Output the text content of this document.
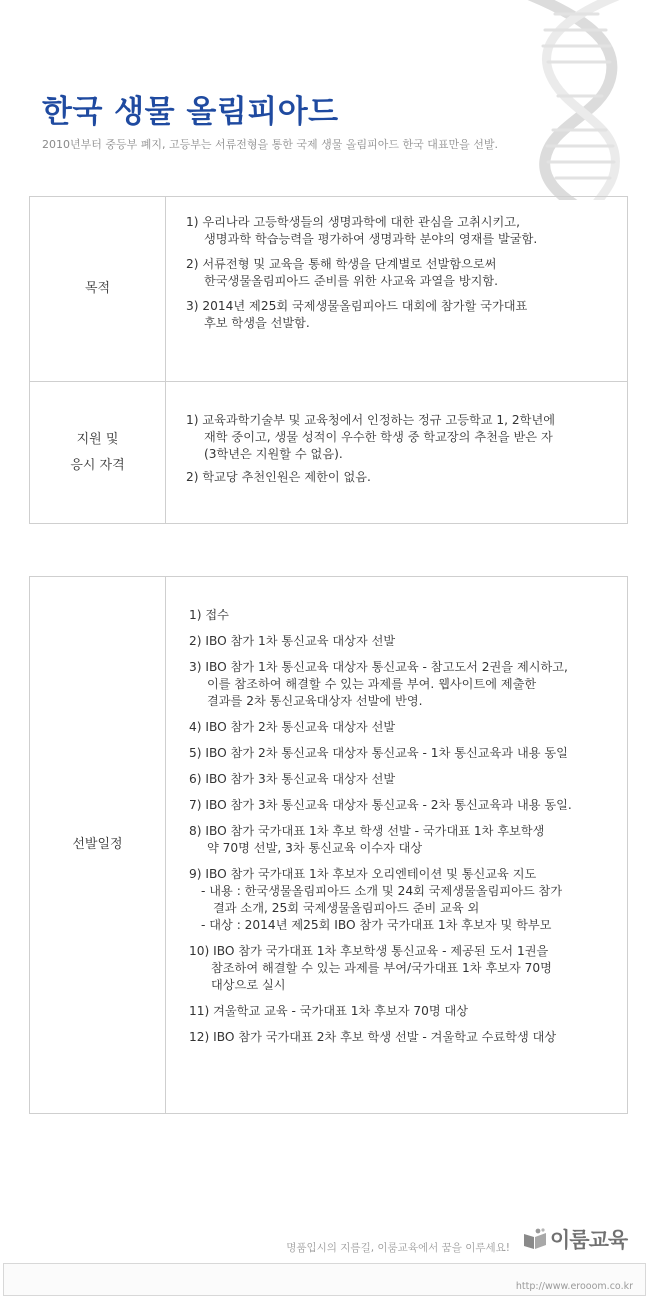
한국 생물 올림피아드

2010년부터 중등부 폐지, 고등부는 서류전형을 통한 국제 생물 올림피아드 한국 대표만을 선발.

목적
1) 우리나라 고등학생들의 생명과학에 대한 관심을 고취시키고,
생명과학 학습능력을 평가하여 생명과학 분야의 영재를 발굴함.
2) 서류전형 및 교육을 통해 학생을 단계별로 선발함으로써
한국생물올림피아드 준비를 위한 사교육 과열을 방지함.
3) 2014년 제25회 국제생물올림피아드 대회에 참가할 국가대표
후보 학생을 선발함.
지원 및
응시 자격
1) 교육과학기술부 및 교육청에서 인정하는 정규 고등학교 1, 2학년에
재학 중이고, 생물 성적이 우수한 학생 중 학교장의 추천을 받은 자
(3학년은 지원할 수 없음).
2) 학교당 추천인원은 제한이 없음.
선발일정
1) 접수
2) IBO 참가 1차 통신교육 대상자 선발
3) IBO 참가 1차 통신교육 대상자 통신교육 - 참고도서 2권을 제시하고,
이를 참조하여 해결할 수 있는 과제를 부여. 웹사이트에 제출한
결과를 2차 통신교육대상자 선발에 반영.
4) IBO 참가 2차 통신교육 대상자 선발
5) IBO 참가 2차 통신교육 대상자 통신교육 - 1차 통신교육과 내용 동일
6) IBO 참가 3차 통신교육 대상자 선발
7) IBO 참가 3차 통신교육 대상자 통신교육 - 2차 통신교육과 내용 동일.
8) IBO 참가 국가대표 1차 후보 학생 선발 - 국가대표 1차 후보학생
약 70명 선발, 3차 통신교육 이수자 대상
9) IBO 참가 국가대표 1차 후보자 오리엔테이션 및 통신교육 지도
- 내용 : 한국생물올림피아드 소개 및 24회 국제생물올림피아드 참가
결과 소개, 25회 국제생물올림피아드 준비 교육 외
- 대상 : 2014년 제25회 IBO 참가 국가대표 1차 후보자 및 학부모
10) IBO 참가 국가대표 1차 후보학생 통신교육 - 제공된 도서 1권을
참조하여 해결할 수 있는 과제를 부여/국가대표 1차 후보자 70명
대상으로 실시
11) 겨울학교 교육 - 국가대표 1차 후보자 70명 대상
12) IBO 참가 국가대표 2차 후보 학생 선발 - 겨울학교 수료학생 대상

명품입시의 지름길, 이룸교육에서 꿈을 이루세요! 이룸교육

http://www.erooom.co.kr
